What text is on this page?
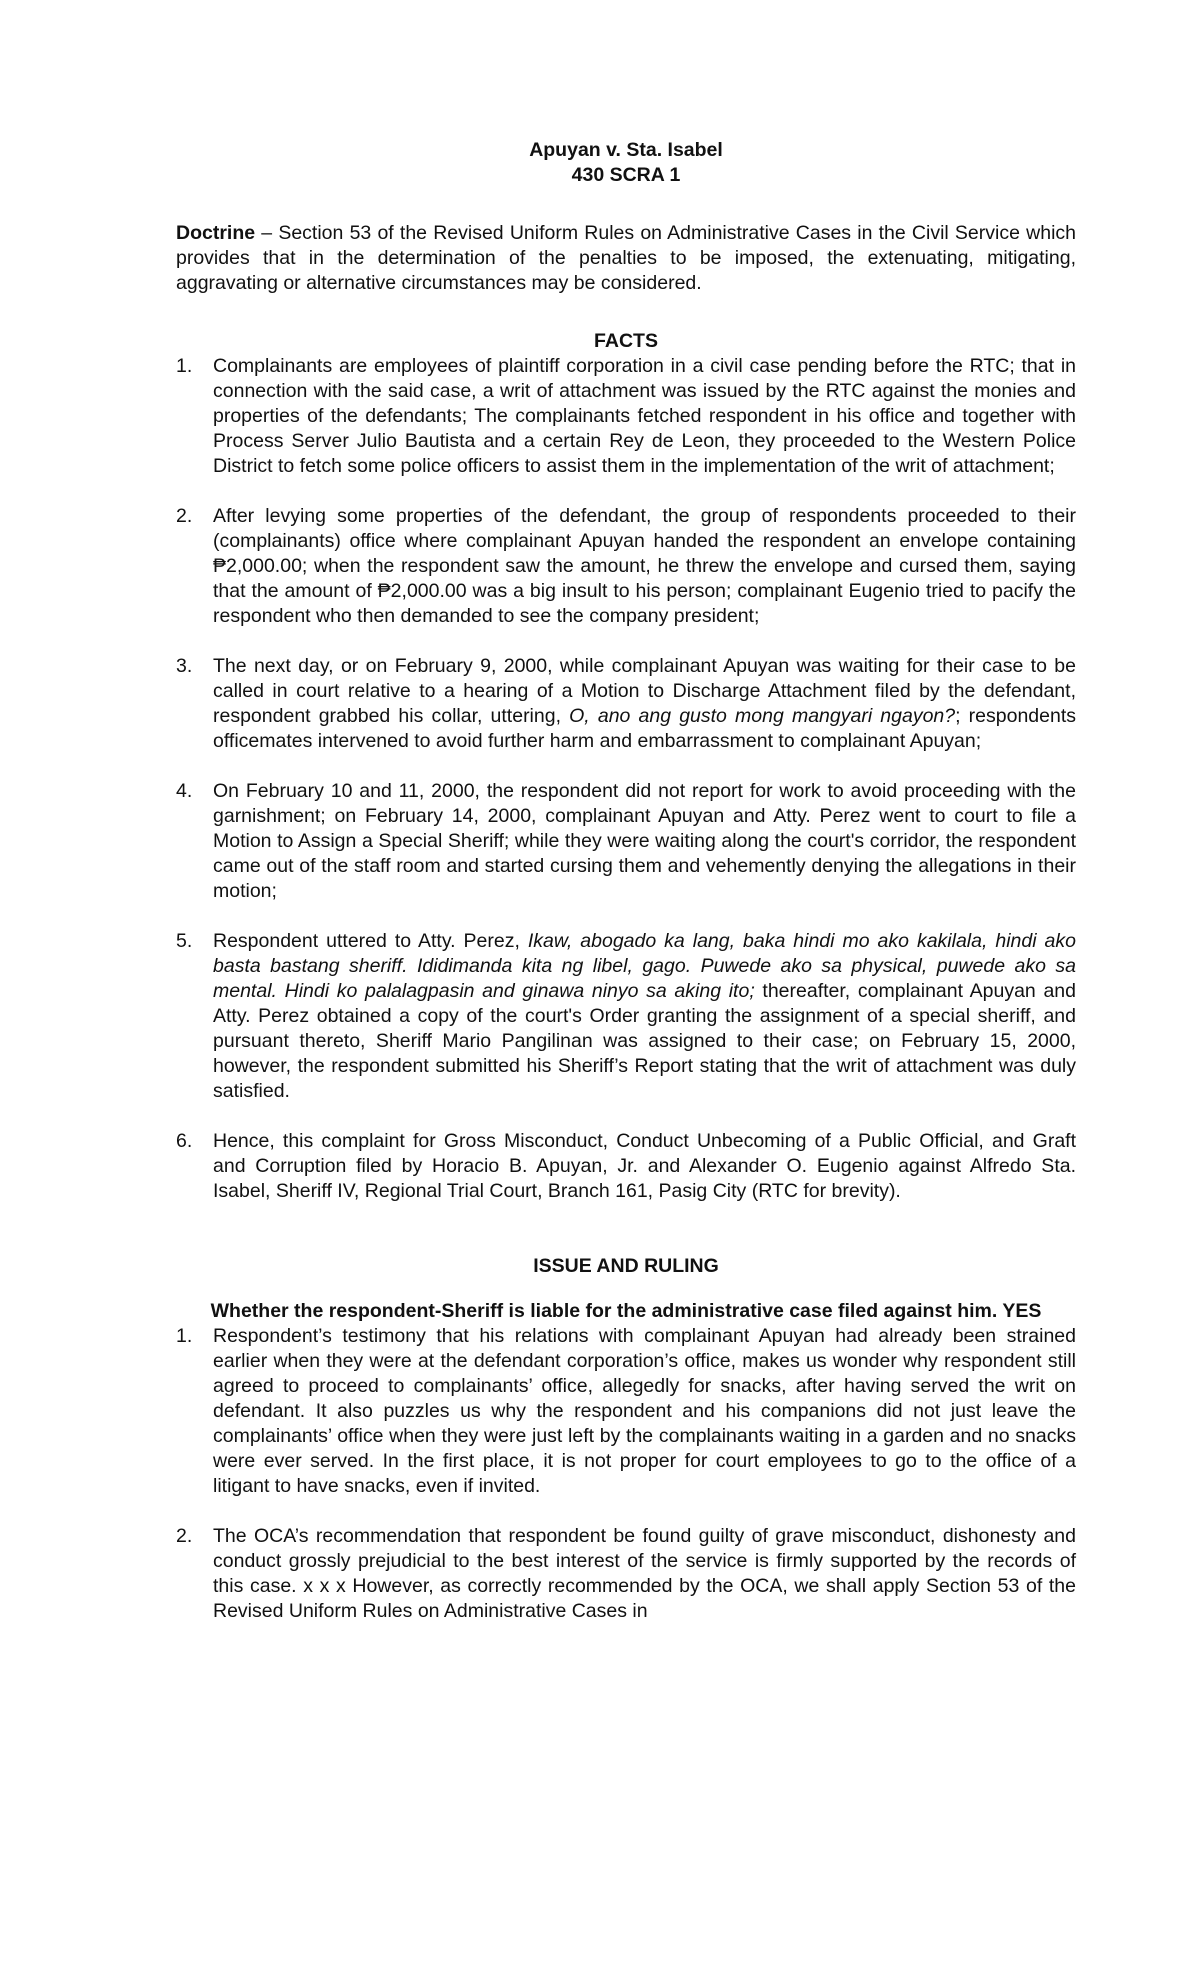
Apuyan v. Sta. Isabel

430 SCRA 1

Doctrine – Section 53 of the Revised Uniform Rules on Administrative Cases in the Civil Service which provides that in the determination of the penalties to be imposed, the extenuating, mitigating, aggravating or alternative circumstances may be considered.

FACTS

1. Complainants are employees of plaintiff corporation in a civil case pending before the RTC; that in connection with the said case, a writ of attachment was issued by the RTC against the monies and properties of the defendants; The complainants fetched respondent in his office and together with Process Server Julio Bautista and a certain Rey de Leon, they proceeded to the Western Police District to fetch some police officers to assist them in the implementation of the writ of attachment;
2. After levying some properties of the defendant, the group of respondents proceeded to their (complainants) office where complainant Apuyan handed the respondent an envelope containing ₱2,000.00; when the respondent saw the amount, he threw the envelope and cursed them, saying that the amount of ₱2,000.00 was a big insult to his person; complainant Eugenio tried to pacify the respondent who then demanded to see the company president;
3. The next day, or on February 9, 2000, while complainant Apuyan was waiting for their case to be called in court relative to a hearing of a Motion to Discharge Attachment filed by the defendant, respondent grabbed his collar, uttering, O, ano ang gusto mong mangyari ngayon?; respondents officemates intervened to avoid further harm and embarrassment to complainant Apuyan;
4. On February 10 and 11, 2000, the respondent did not report for work to avoid proceeding with the garnishment; on February 14, 2000, complainant Apuyan and Atty. Perez went to court to file a Motion to Assign a Special Sheriff; while they were waiting along the court's corridor, the respondent came out of the staff room and started cursing them and vehemently denying the allegations in their motion;
5. Respondent uttered to Atty. Perez, Ikaw, abogado ka lang, baka hindi mo ako kakilala, hindi ako basta bastang sheriff. Ididimanda kita ng libel, gago. Puwede ako sa physical, puwede ako sa mental. Hindi ko palalagpasin and ginawa ninyo sa aking ito; thereafter, complainant Apuyan and Atty. Perez obtained a copy of the court's Order granting the assignment of a special sheriff, and pursuant thereto, Sheriff Mario Pangilinan was assigned to their case; on February 15, 2000, however, the respondent submitted his Sheriff’s Report stating that the writ of attachment was duly satisfied.
6. Hence, this complaint for Gross Misconduct, Conduct Unbecoming of a Public Official, and Graft and Corruption filed by Horacio B. Apuyan, Jr. and Alexander O. Eugenio against Alfredo Sta. Isabel, Sheriff IV, Regional Trial Court, Branch 161, Pasig City (RTC for brevity).

ISSUE AND RULING

Whether the respondent-Sheriff is liable for the administrative case filed against him. YES

1. Respondent’s testimony that his relations with complainant Apuyan had already been strained earlier when they were at the defendant corporation’s office, makes us wonder why respondent still agreed to proceed to complainants’ office, allegedly for snacks, after having served the writ on defendant. It also puzzles us why the respondent and his companions did not just leave the complainants’ office when they were just left by the complainants waiting in a garden and no snacks were ever served. In the first place, it is not proper for court employees to go to the office of a litigant to have snacks, even if invited.
2. The OCA’s recommendation that respondent be found guilty of grave misconduct, dishonesty and conduct grossly prejudicial to the best interest of the service is firmly supported by the records of this case. x x x However, as correctly recommended by the OCA, we shall apply Section 53 of the Revised Uniform Rules on Administrative Cases in
